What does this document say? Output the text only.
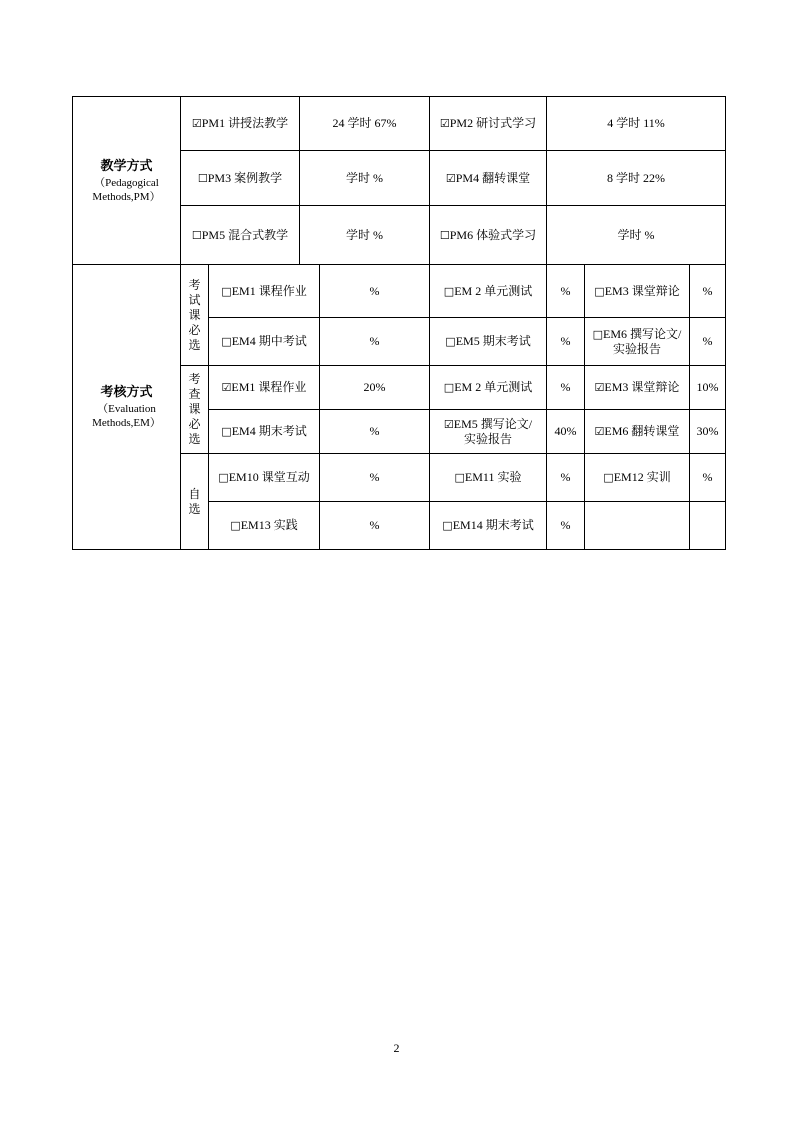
教学方式
（Pedagogical
Methods,PM）	☑PM1 讲授法教学		24 学时 67%		☑PM2 研讨式学习	4 学时 11%		
	☐PM3 案例教学		学时 %		☑PM4 翻转课堂	8 学时 22%		
	☐PM5 混合式教学		学时 %		☐PM6 体验式学习	学时 %		

考核方式
（Evaluation
Methods,EM）	考试课必选	□EM1 课程作业		%	□EM 2 单元测试	%	□EM3 课堂辩论	%
		□EM4 期中考试		%	□EM5 期末考试	%	□EM6 撰写论文/
实验报告	%
	考查课必选	☑EM1 课程作业		20%	□EM 2 单元测试	%	☑EM3 课堂辩论	10%
		□EM4 期末考试		%	☑EM5 撰写论文/
实验报告	40%	☑EM6 翻转课堂	30%
	自选	□EM10 课堂互动		%	□EM11 实验	%	□EM12 实训	%
		□EM13 实践		%	□EM14 期末考试	%		
2
